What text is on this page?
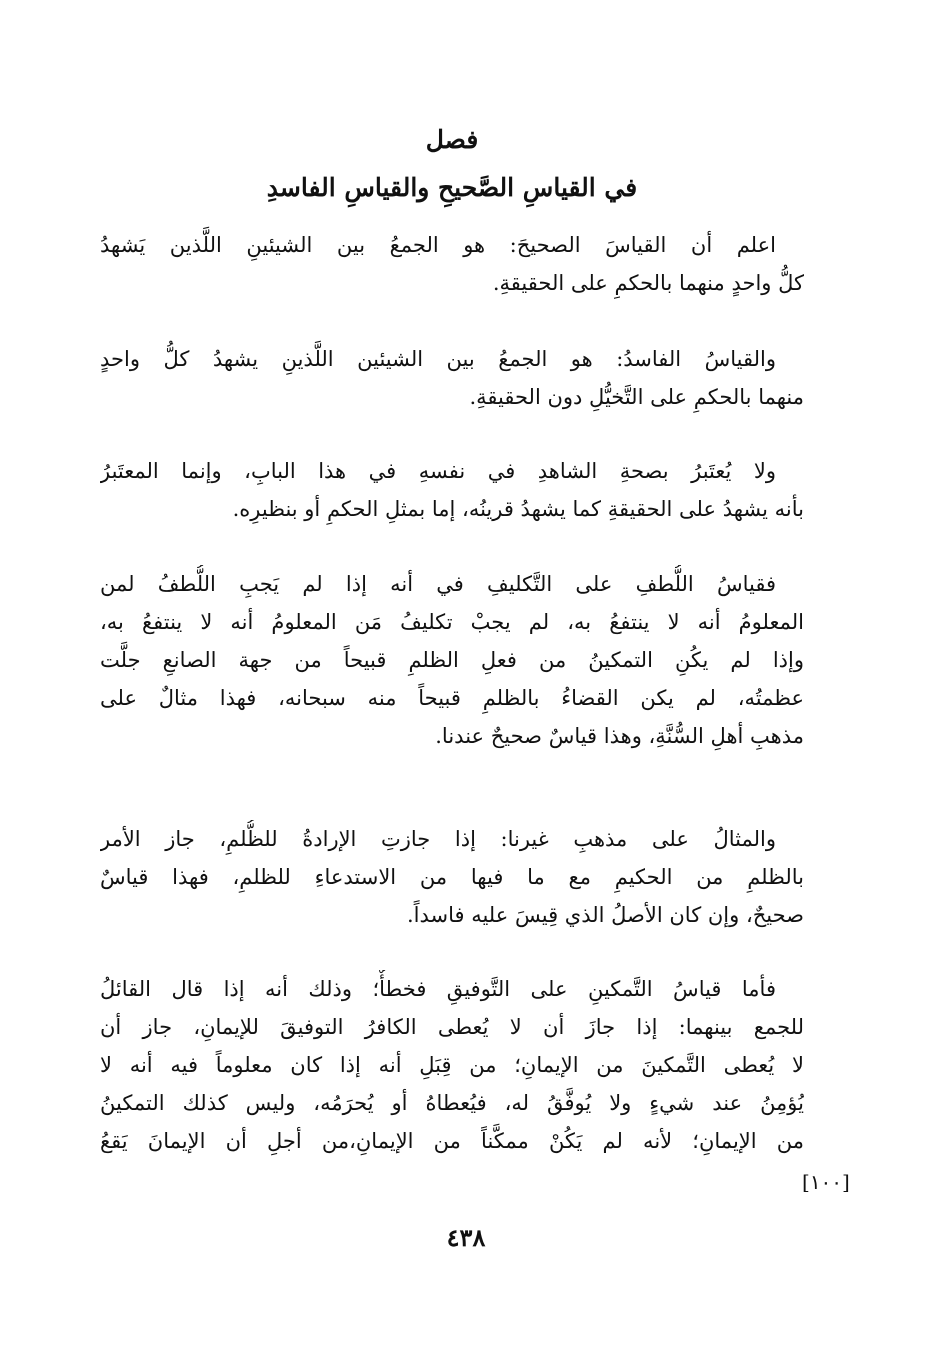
فصل
في القياسِ الصَّحيحِ والقياسِ الفاسدِ
اعلم أن القياسَ الصحيحَ: هو الجمعُ بين الشيئينِ اللَّذين يَشهدُ
كلُّ واحدٍ منهما بالحكمِ على الحقيقةِ.
والقياسُ الفاسدُ: هو الجمعُ بين الشيئين اللَّذينِ يشهدُ كلُّ واحدٍ
منهما بالحكمِ على التَّخيُّلِ دون الحقيقةِ.
ولا يُعتَبرُ بصحةِ الشاهدِ في نفسهِ في هذا البابِ، وإنما المعتَبرُ
بأنه يشهدُ على الحقيقةِ كما يشهدُ قرينُه، إما بمثلِ الحكمِ أو بنظيرِه.
فقياسُ اللُّطفِ على التَّكليفِ في أنه إذا لم يَجبِ اللُّطفُ لمن
المعلومُ أنه لا ينتفعُ به، لم يجبْ تكليفُ مَن المعلومُ أنه لا ينتفعُ به،
وإذا لم يكُنِ التمكينُ من فعلِ الظلمِ قبيحاً من جهة الصانعِ جلَّت
عظمتُه، لم يكن القضاءُ بالظلمِ قبيحاً منه سبحانه، فهذا مثالٌ على
مذهبِ أهلِ السُّنَّةِ، وهذا قياسٌ صحيحٌ عندنا.
والمثالُ على مذهبِ غيرنا: إذا جازتِ الإرادةُ للظُّلمِ، جاز الأمر
بالظلمِ من الحكيمِ مع ما فيها من الاستدعاءِ للظلمِ، فهذا قياسٌ
صحيحٌ، وإن كان الأصلُ الذي قِيسَ عليه فاسداً.
فأما قياسُ التَّمكينِ على التَّوفيقِ فخطأٌ؛ وذلك أنه إذا قال القائلُ
للجمع بينهما: إذا جازَ أن لا يُعطى الكافرُ التوفيقَ للإيمانِ، جاز أن
لا يُعطى التَّمكينَ من الإيمانِ؛ من قِبَلِ أنه إذا كان معلوماً فيه أنه لا
يُؤمِنُ عند شيءٍ ولا يُوفَّقُ له، فيُعطاهُ أو يُحرَمُه، وليس كذلك التمكينُ
من الإيمانِ؛ لأنه لم يَكُنْ ممكَّناً من الإيمانِ،من أجلِ أن الإيمانَ يَقعُ
[١٠٠]
٤٣٨
